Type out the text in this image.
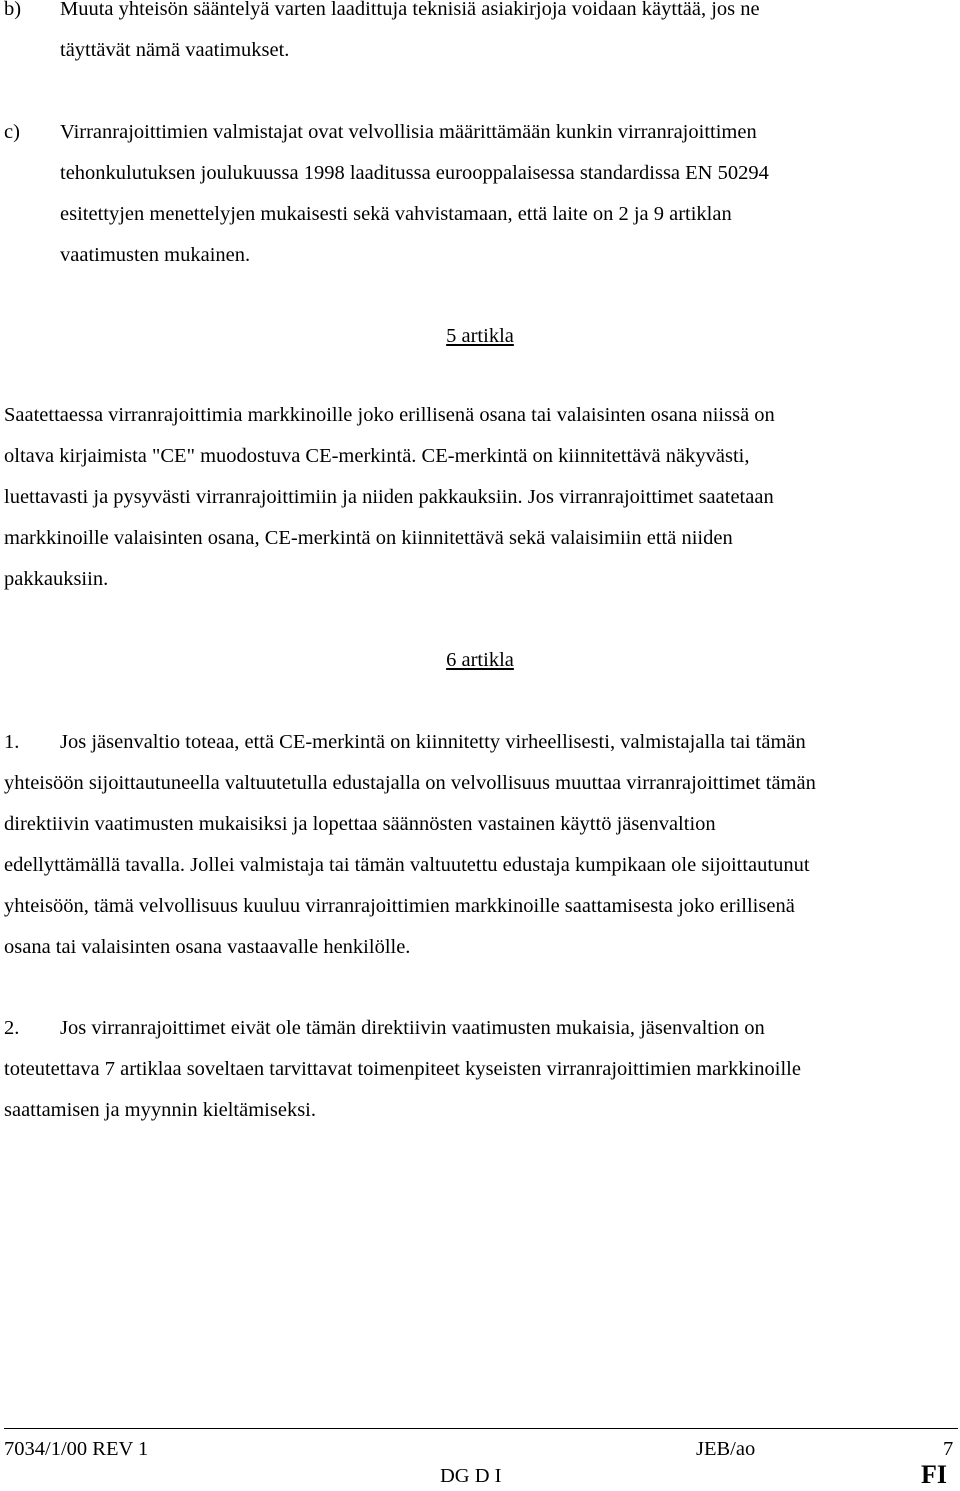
b) Muuta yhteisön sääntelyä varten laadittuja teknisiä asiakirjoja voidaan käyttää, jos ne
täyttävät nämä vaatimukset.
c) Virranrajoittimien valmistajat ovat velvollisia määrittämään kunkin virranrajoittimen
tehonkulutuksen joulukuussa 1998 laaditussa eurooppalaisessa standardissa EN 50294
esitettyjen menettelyjen mukaisesti sekä vahvistamaan, että laite on 2 ja 9 artiklan
vaatimusten mukainen.
5 artikla
Saatettaessa virranrajoittimia markkinoille joko erillisenä osana tai valaisinten osana niissä on
oltava kirjaimista "CE" muodostuva CE-merkintä. CE-merkintä on kiinnitettävä näkyvästi,
luettavasti ja pysyvästi virranrajoittimiin ja niiden pakkauksiin. Jos virranrajoittimet saatetaan
markkinoille valaisinten osana, CE-merkintä on kiinnitettävä sekä valaisimiin että niiden
pakkauksiin.
6 artikla
1. Jos jäsenvaltio toteaa, että CE-merkintä on kiinnitetty virheellisesti, valmistajalla tai tämän
yhteisöön sijoittautuneella valtuutetulla edustajalla on velvollisuus muuttaa virranrajoittimet tämän
direktiivin vaatimusten mukaisiksi ja lopettaa säännösten vastainen käyttö jäsenvaltion
edellyttämällä tavalla. Jollei valmistaja tai tämän valtuutettu edustaja kumpikaan ole sijoittautunut
yhteisöön, tämä velvollisuus kuuluu virranrajoittimien markkinoille saattamisesta joko erillisenä
osana tai valaisinten osana vastaavalle henkilölle.
2. Jos virranrajoittimet eivät ole tämän direktiivin vaatimusten mukaisia, jäsenvaltion on
toteutettava 7 artiklaa soveltaen tarvittavat toimenpiteet kyseisten virranrajoittimien markkinoille
saattamisen ja myynnin kieltämiseksi.
7034/1/00 REV 1	JEB/ao	7
DG D I	FI
